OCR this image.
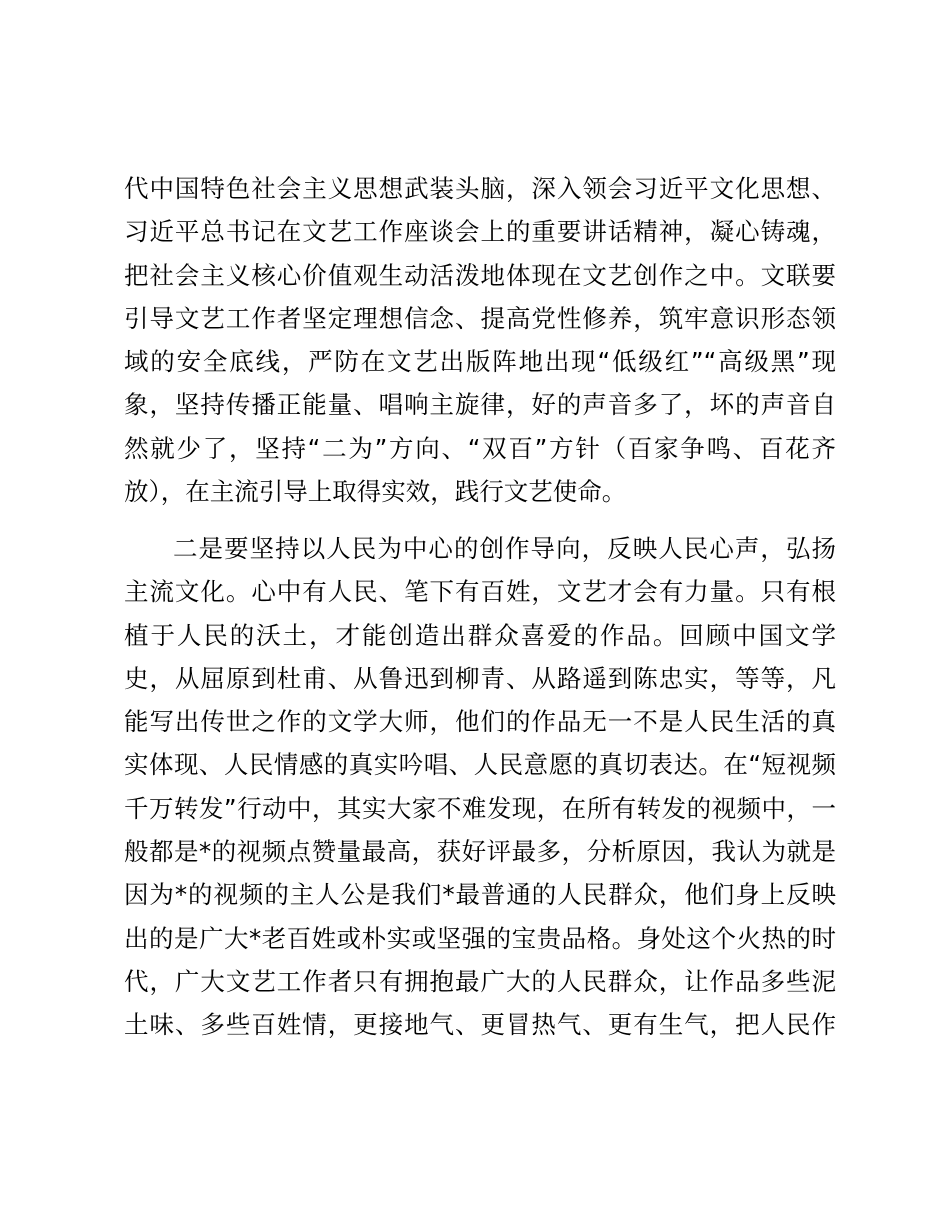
代中国特色社会主义思想武装头脑，深入领会习近平文化思想、
习近平总书记在文艺工作座谈会上的重要讲话精神，凝心铸魂，
把社会主义核心价值观生动活泼地体现在文艺创作之中。文联要
引导文艺工作者坚定理想信念、提高党性修养，筑牢意识形态领
域的安全底线，严防在文艺出版阵地出现“低级红”“高级黑”现
象，坚持传播正能量、唱响主旋律，好的声音多了，坏的声音自
然就少了，坚持“二为”方向、“双百”方针（百家争鸣、百花齐
放），在主流引导上取得实效，践行文艺使命。
二是要坚持以人民为中心的创作导向，反映人民心声，弘扬
主流文化。心中有人民、笔下有百姓，文艺才会有力量。只有根
植于人民的沃土，才能创造出群众喜爱的作品。回顾中国文学
史，从屈原到杜甫、从鲁迅到柳青、从路遥到陈忠实，等等，凡
能写出传世之作的文学大师，他们的作品无一不是人民生活的真
实体现、人民情感的真实吟唱、人民意愿的真切表达。在“短视频
千万转发”行动中，其实大家不难发现，在所有转发的视频中，一
般都是*的视频点赞量最高，获好评最多，分析原因，我认为就是
因为*的视频的主人公是我们*最普通的人民群众，他们身上反映
出的是广大*老百姓或朴实或坚强的宝贵品格。身处这个火热的时
代，广大文艺工作者只有拥抱最广大的人民群众，让作品多些泥
土味、多些百姓情，更接地气、更冒热气、更有生气，把人民作
